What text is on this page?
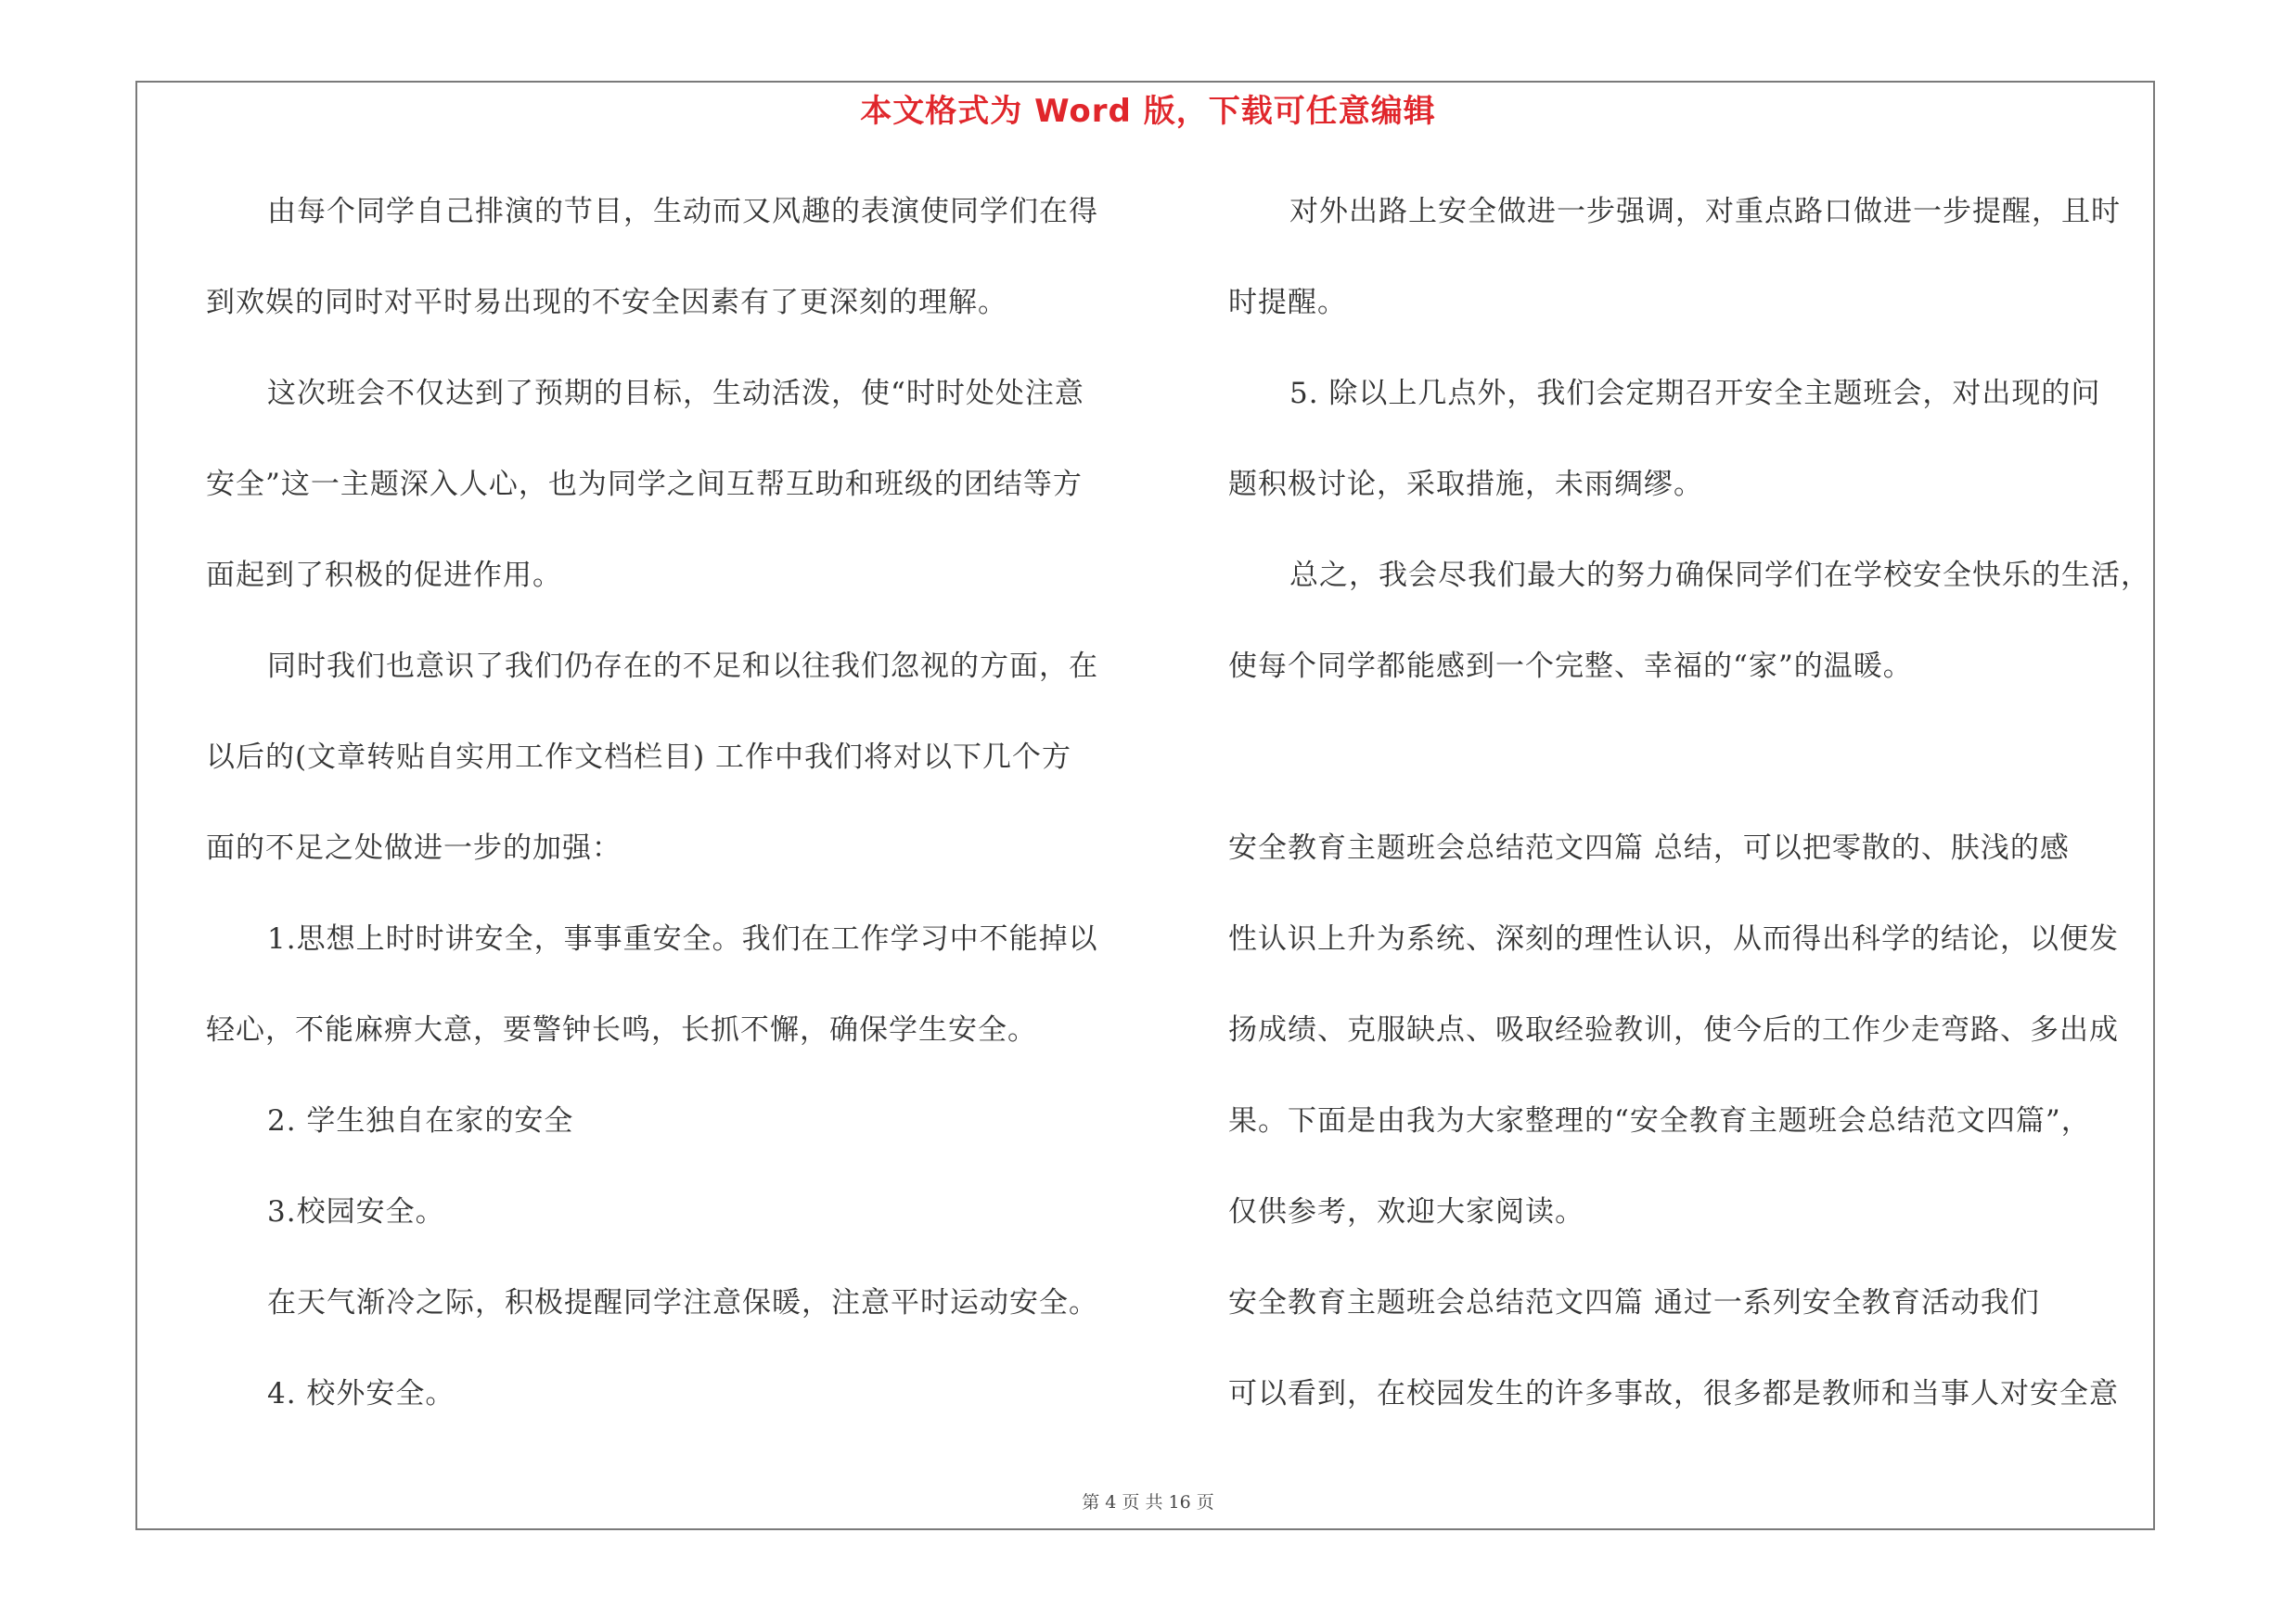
本文格式为 Word 版，下载可任意编辑
由每个同学自己排演的节目，生动而又风趣的表演使同学们在得
到欢娱的同时对平时易出现的不安全因素有了更深刻的理解。
这次班会不仅达到了预期的目标，生动活泼，使“时时处处注意
安全”这一主题深入人心，也为同学之间互帮互助和班级的团结等方
面起到了积极的促进作用。
同时我们也意识了我们仍存在的不足和以往我们忽视的方面，在
以后的(文章转贴自实用工作文档栏目) 工作中我们将对以下几个方
面的不足之处做进一步的加强：
1.思想上时时讲安全，事事重安全。我们在工作学习中不能掉以
轻心，不能麻痹大意，要警钟长鸣，长抓不懈，确保学生安全。
2. 学生独自在家的安全
3.校园安全。
在天气渐冷之际，积极提醒同学注意保暖，注意平时运动安全。
4. 校外安全。
对外出路上安全做进一步强调，对重点路口做进一步提醒，且时
时提醒。
5. 除以上几点外，我们会定期召开安全主题班会，对出现的问
题积极讨论，采取措施，未雨绸缪。
总之，我会尽我们最大的努力确保同学们在学校安全快乐的生活，
使每个同学都能感到一个完整、幸福的“家”的温暖。
安全教育主题班会总结范文四篇 总结，可以把零散的、肤浅的感
性认识上升为系统、深刻的理性认识，从而得出科学的结论，以便发
扬成绩、克服缺点、吸取经验教训，使今后的工作少走弯路、多出成
果。下面是由我为大家整理的“安全教育主题班会总结范文四篇”，
仅供参考，欢迎大家阅读。
安全教育主题班会总结范文四篇 通过一系列安全教育活动我们
可以看到，在校园发生的许多事故，很多都是教师和当事人对安全意
第 4 页 共 16 页
